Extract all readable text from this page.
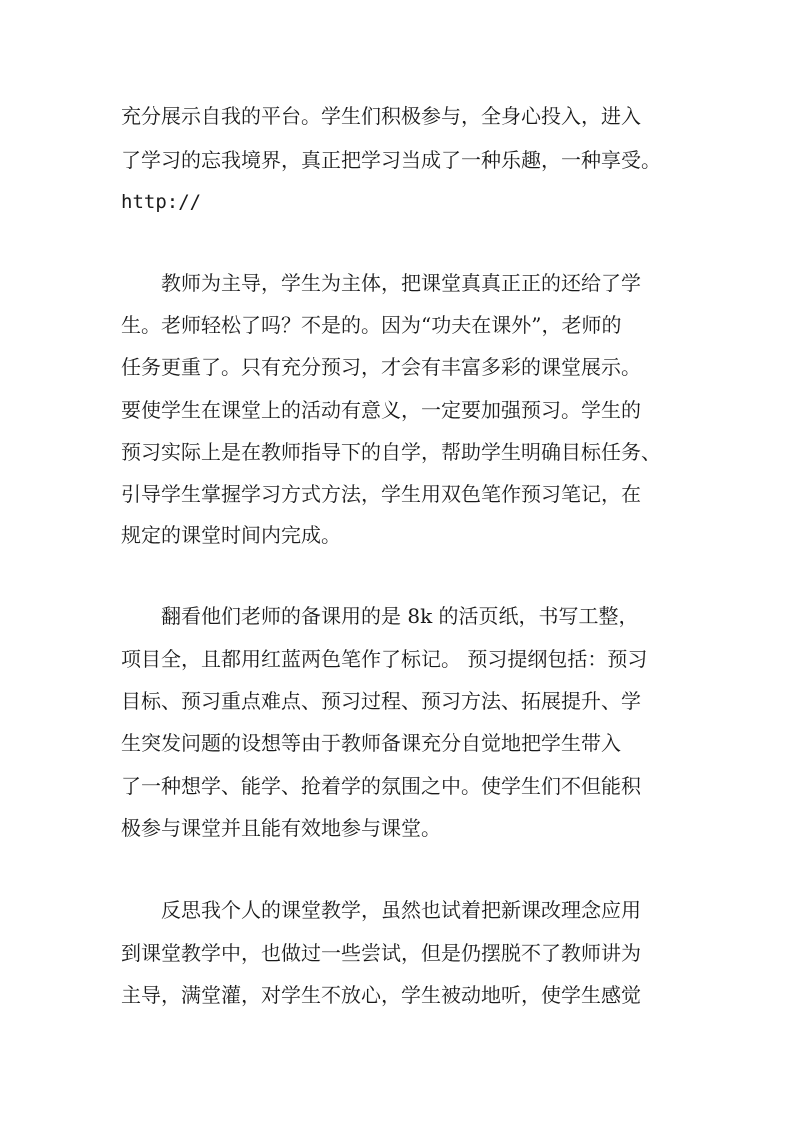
充分展示自我的平台。学生们积极参与，全身心投入，进入
了学习的忘我境界，真正把学习当成了一种乐趣，一种享受。
http://
　　教师为主导，学生为主体，把课堂真真正正的还给了学
生。老师轻松了吗？不是的。因为“功夫在课外”，老师的
任务更重了。只有充分预习，才会有丰富多彩的课堂展示。
要使学生在课堂上的活动有意义，一定要加强预习。学生的
预习实际上是在教师指导下的自学，帮助学生明确目标任务、
引导学生掌握学习方式方法，学生用双色笔作预习笔记，在
规定的课堂时间内完成。
　　翻看他们老师的备课用的是 8k 的活页纸，书写工整，
项目全，且都用红蓝两色笔作了标记。 预习提纲包括：预习
目标、预习重点难点、预习过程、预习方法、拓展提升、学
生突发问题的设想等由于教师备课充分自觉地把学生带入
了一种想学、能学、抢着学的氛围之中。使学生们不但能积
极参与课堂并且能有效地参与课堂。
　　反思我个人的课堂教学，虽然也试着把新课改理念应用
到课堂教学中，也做过一些尝试，但是仍摆脱不了教师讲为
主导，满堂灌，对学生不放心，学生被动地听，使学生感觉
